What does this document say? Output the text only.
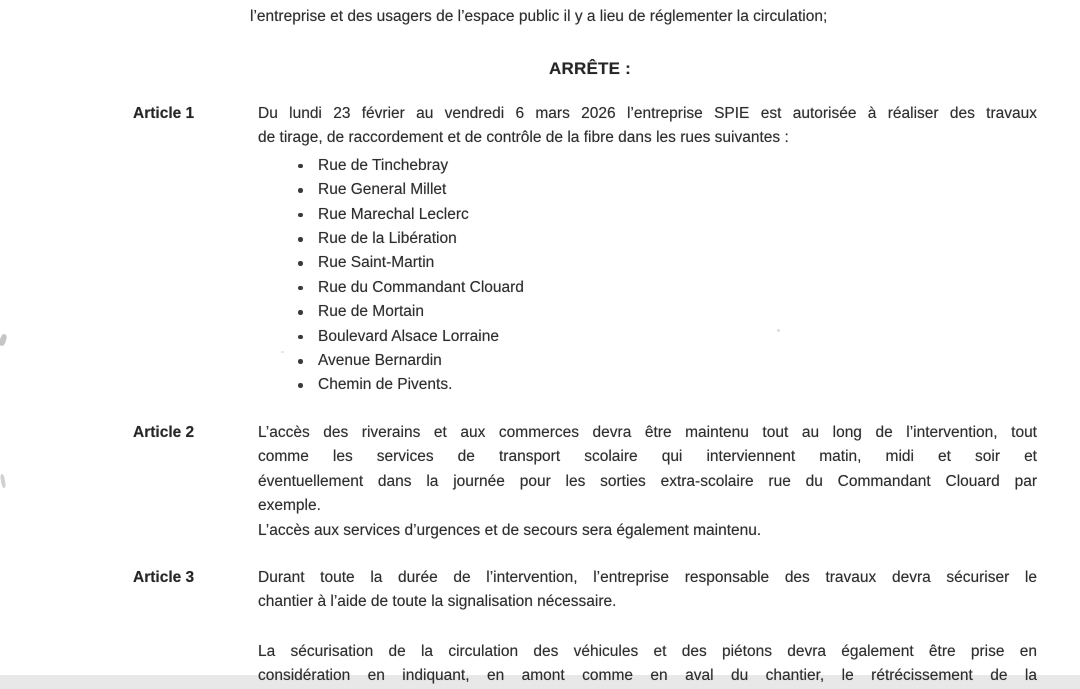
l’entreprise et des usagers de l’espace public il y a lieu de réglementer la circulation;

ARRÊTE :
Article 1	Du lundi 23 février au vendredi 6 mars 2026 l’entreprise SPIE est autorisée à réaliser des travaux

de tirage, de raccordement et de contrôle de la fibre dans les rues suivantes :

Rue de Tinchebray
Rue General Millet
Rue Marechal Leclerc
Rue de la Libération
Rue Saint-Martin
Rue du Commandant Clouard
Rue de Mortain
Boulevard Alsace Lorraine
Avenue Bernardin
Chemin de Pivents.
Article 2	L’accès des riverains et aux commerces devra être maintenu tout au long de l’intervention, tout

comme les services de transport scolaire qui interviennent matin, midi et soir et

éventuellement dans la journée pour les sorties extra-scolaire rue du Commandant Clouard par

exemple.

L’accès aux services d’urgences et de secours sera également maintenu.

Article 3	Durant toute la durée de l’intervention, l’entreprise responsable des travaux devra sécuriser le

chantier à l’aide de toute la signalisation nécessaire.

La sécurisation de la circulation des véhicules et des piétons devra également être prise en

considération en indiquant, en amont comme en aval du chantier, le rétrécissement de la
